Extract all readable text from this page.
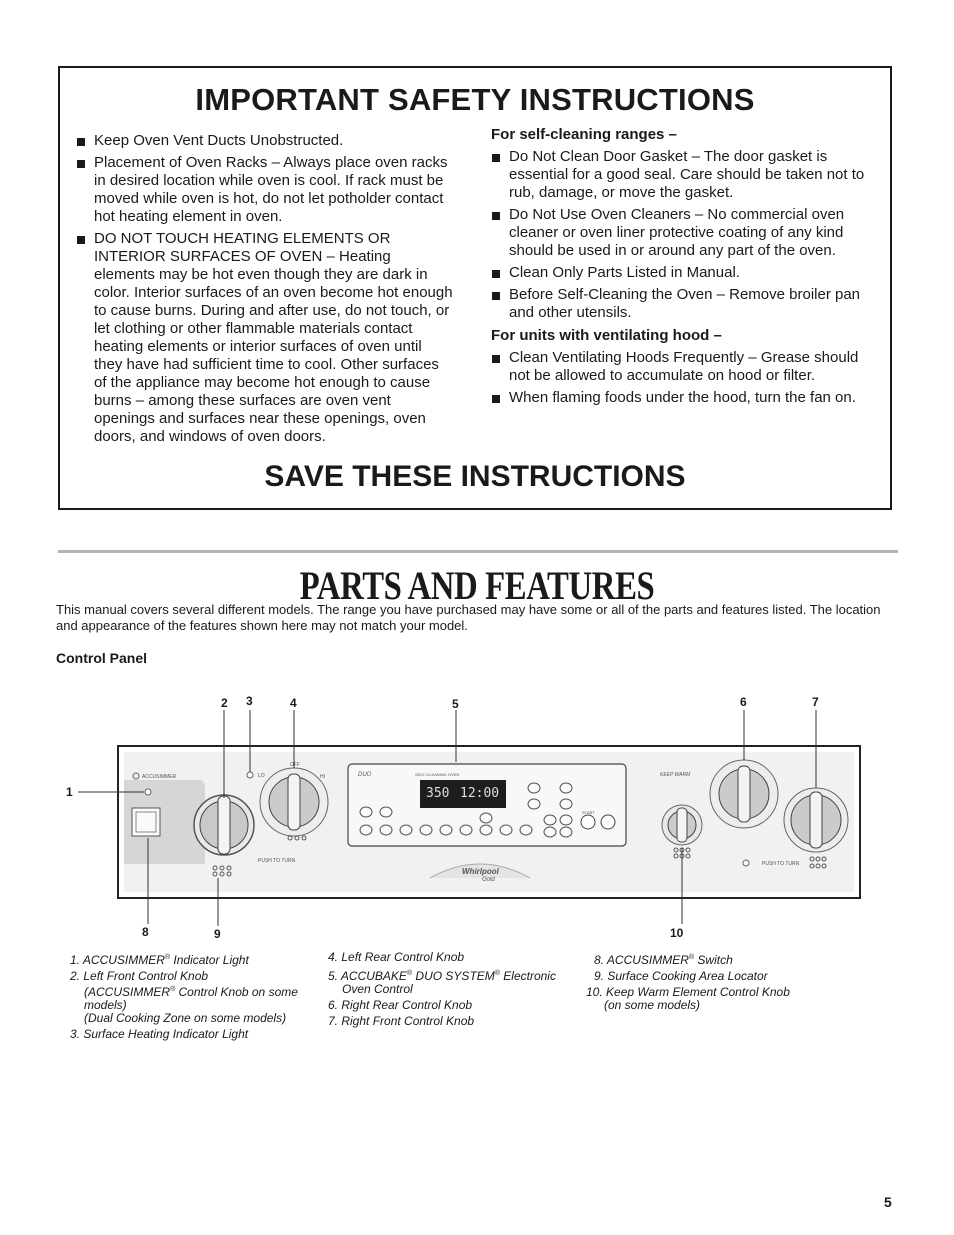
IMPORTANT SAFETY INSTRUCTIONS
Keep Oven Vent Ducts Unobstructed.
Placement of Oven Racks – Always place oven racks in desired location while oven is cool. If rack must be moved while oven is hot, do not let potholder contact hot heating element in oven.
DO NOT TOUCH HEATING ELEMENTS OR INTERIOR SURFACES OF OVEN – Heating elements may be hot even though they are dark in color. Interior surfaces of an oven become hot enough to cause burns. During and after use, do not touch, or let clothing or other flammable materials contact heating elements or interior surfaces of oven until they have had sufficient time to cool. Other surfaces of the appliance may become hot enough to cause burns – among these surfaces are oven vent openings and surfaces near these openings, oven doors, and windows of oven doors.
For self-cleaning ranges –
Do Not Clean Door Gasket – The door gasket is essential for a good seal. Care should be taken not to rub, damage, or move the gasket.
Do Not Use Oven Cleaners – No commercial oven cleaner or oven liner protective coating of any kind should be used in or around any part of the oven.
Clean Only Parts Listed in Manual.
Before Self-Cleaning the Oven – Remove broiler pan and other utensils.
For units with ventilating hood –
Clean Ventilating Hoods Frequently – Grease should not be allowed to accumulate on hood or filter.
When flaming foods under the hood, turn the fan on.
SAVE THESE INSTRUCTIONS
PARTS AND FEATURES
This manual covers several different models. The range you have purchased may have some or all of the parts and features listed. The location and appearance of the features shown here may not match your model.
Control Panel
Whirlpool
Gold
ACCUSIMMER
OFF
HI
LO
PUSH TO TURN
DUO	SELF-CLEANING OVEN
350 12:00
START
KEEP WARM
PUSH TO TURN
1
2 3	4	5	6	7
8	9	10
1. ACCUSIMMER® Indicator Light
2. Left Front Control Knob
(ACCUSIMMER® Control Knob on some models)
(Dual Cooking Zone on some models)
3. Surface Heating Indicator Light
4. Left Rear Control Knob
5. ACCUBAKE® DUO SYSTEM® Electronic
Oven Control
6. Right Rear Control Knob
7. Right Front Control Knob
8. ACCUSIMMER® Switch
9. Surface Cooking Area Locator
10. Keep Warm Element Control Knob
(on some models)
5
